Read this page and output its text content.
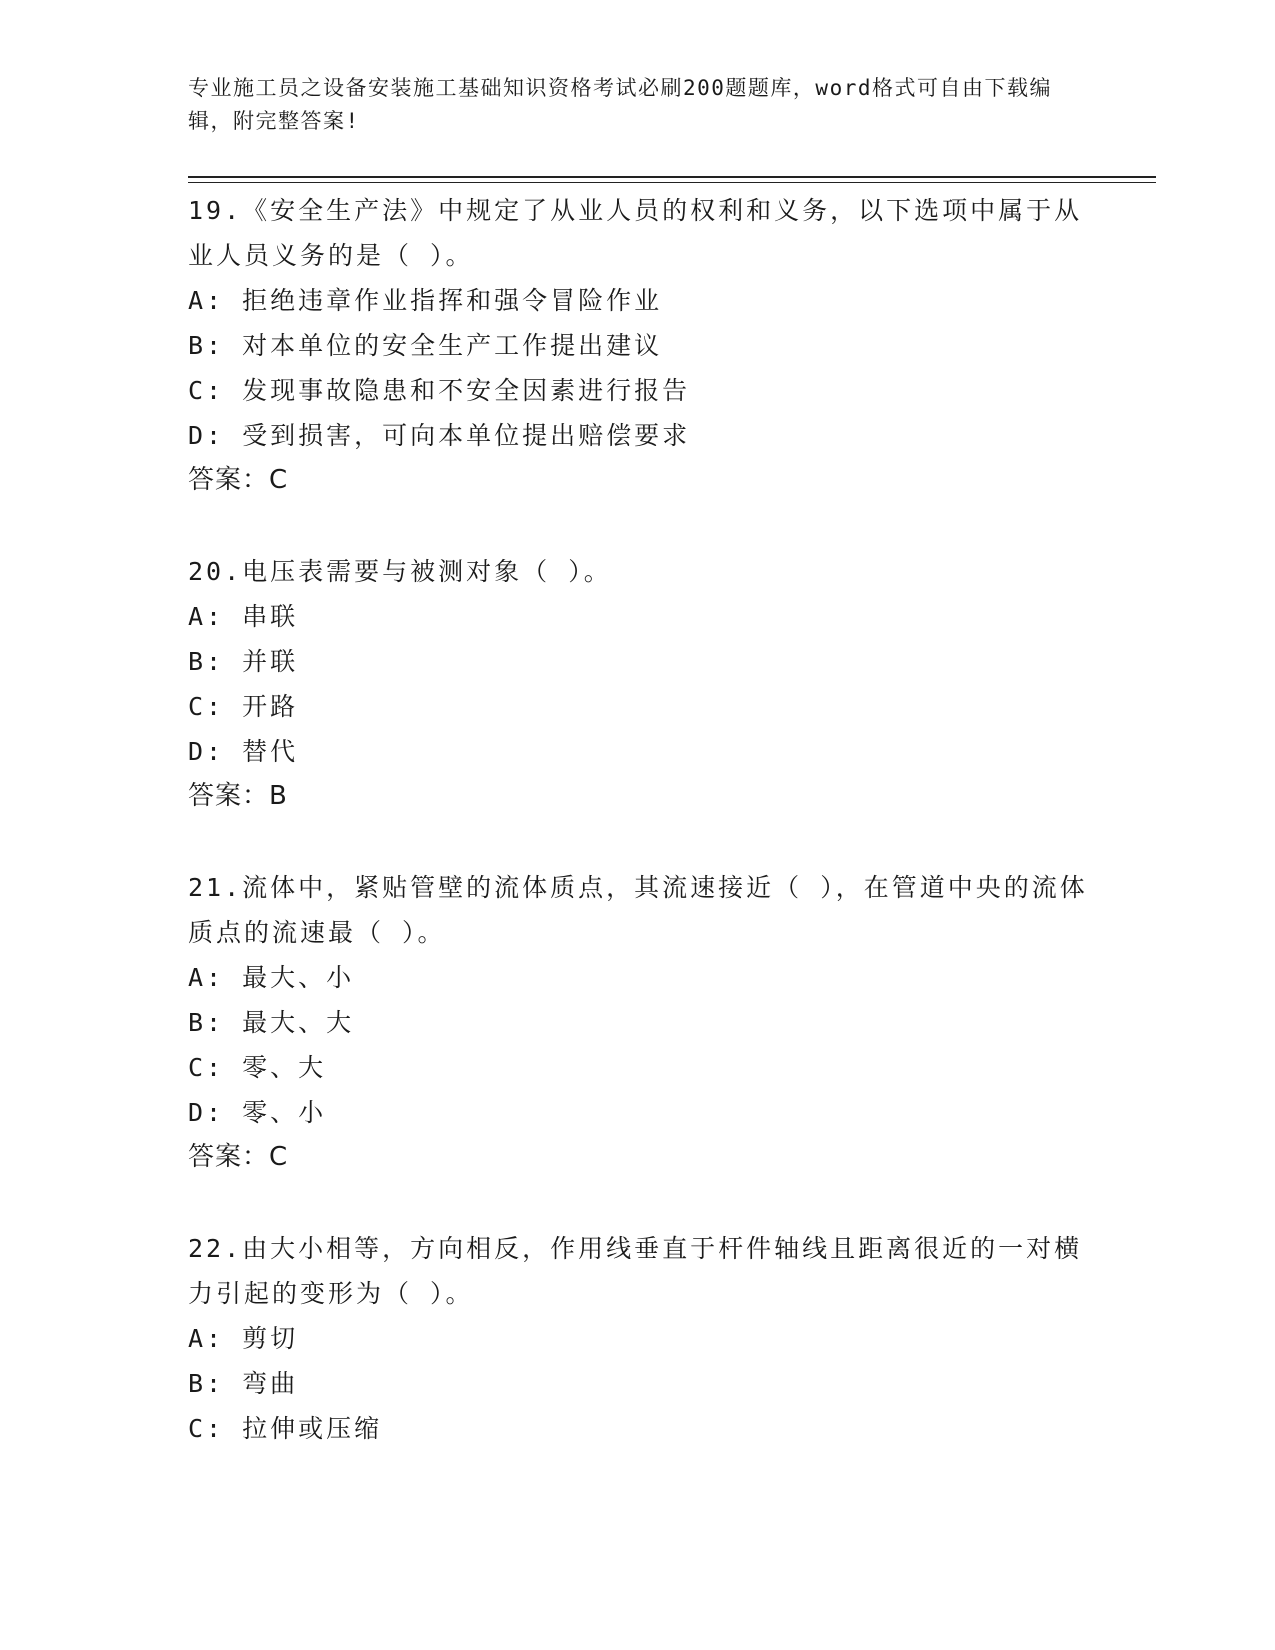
专业施工员之设备安装施工基础知识资格考试必刷200题题库，word格式可自由下载编辑，附完整答案!
19.《安全生产法》中规定了从业人员的权利和义务，以下选项中属于从业人员义务的是（ ）。
A: 拒绝违章作业指挥和强令冒险作业
B: 对本单位的安全生产工作提出建议
C: 发现事故隐患和不安全因素进行报告
D: 受到损害，可向本单位提出赔偿要求
答案：C
20.电压表需要与被测对象（ ）。
A: 串联
B: 并联
C: 开路
D: 替代
答案：B
21.流体中，紧贴管壁的流体质点，其流速接近（ ），在管道中央的流体质点的流速最（ ）。
A: 最大、小
B: 最大、大
C: 零、大
D: 零、小
答案：C
22.由大小相等，方向相反，作用线垂直于杆件轴线且距离很近的一对横力引起的变形为（ ）。
A: 剪切
B: 弯曲
C: 拉伸或压缩
